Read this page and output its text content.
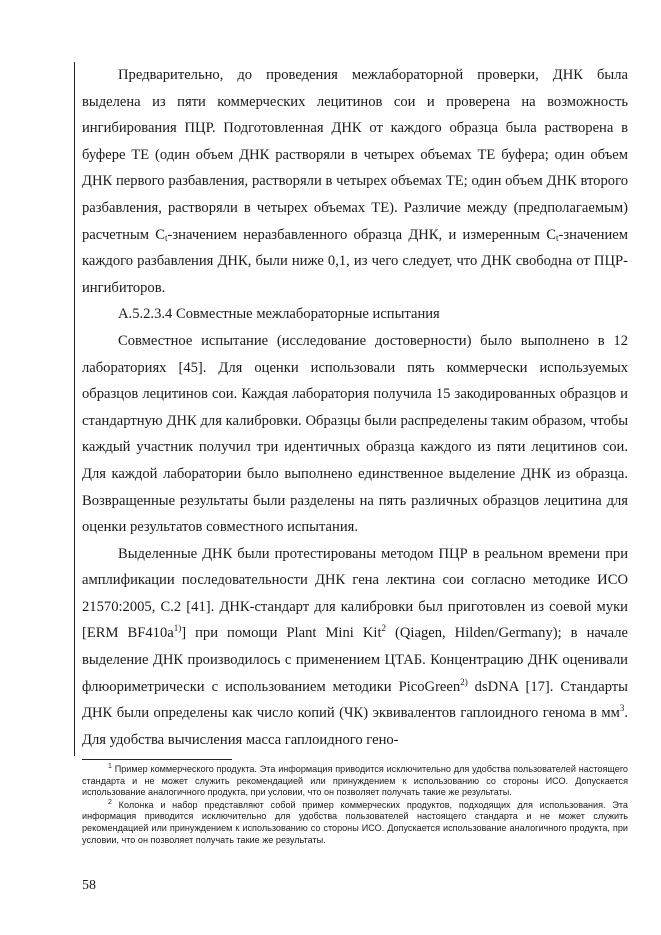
Предварительно, до проведения межлабораторной проверки, ДНК была выделена из пяти коммерческих лецитинов сои и проверена на возможность ингибирования ПЦР. Подготовленная ДНК от каждого образца была растворена в буфере ТЕ (один объем ДНК растворяли в четырех объемах ТЕ буфера; один объем ДНК первого разбавления, растворяли в четырех объемах ТЕ; один объем ДНК второго разбавления, растворяли в четырех объемах ТЕ). Различие между (предполагаемым) расчетным $C_t$-значением неразбавленного образца ДНК, и измеренным $C_t$-значением каждого разбавления ДНК, были ниже 0,1, из чего следует, что ДНК свободна от ПЦР-ингибиторов.

А.5.2.3.4 Совместные межлабораторные испытания

Совместное испытание (исследование достоверности) было выполнено в 12 лабораториях [45]. Для оценки использовали пять коммерчески используемых образцов лецитинов сои. Каждая лаборатория получила 15 закодированных образцов и стандартную ДНК для калибровки. Образцы были распределены таким образом, чтобы каждый участник получил три идентичных образца каждого из пяти лецитинов сои. Для каждой лаборатории было выполнено единственное выделение ДНК из образца. Возвращенные результаты были разделены на пять различных образцов лецитина для оценки результатов совместного испытания.

Выделенные ДНК были протестированы методом ПЦР в реальном времени при амплификации последовательности ДНК гена лектина сои согласно методике ИСО 21570:2005, С.2 [41]. ДНК-стандарт для калибровки был приготовлен из соевой муки [ERM $BF410a^{1)}$] при помощи Plant Mini Kit$^2$ (Qiagen, Hilden/Germany); в начале выделение ДНК производилось с применением ЦТАБ. Концентрацию ДНК оценивали флюориметрически с использованием методики PicoGreen$^{2)}$ dsDNA [17]. Стандарты ДНК были определены как число копий (ЧК) эквивалентов гаплоидного генома в $мм^3$. Для удобства вычисления масса гаплоидного гено-

$^1$ Пример коммерческого продукта. Эта информация приводится исключительно для удобства пользователей настоящего стандарта и не может служить рекомендацией или принуждением к использованию со стороны ИСО. Допускается использование аналогичного продукта, при условии, что он позволяет получать такие же результаты.

$^2$ Колонка и набор представляют собой пример коммерческих продуктов, подходящих для использования. Эта информация приводится исключительно для удобства пользователей настоящего стандарта и не может служить рекомендацией или принуждением к использованию со стороны ИСО. Допускается использование аналогичного продукта, при условии, что он позволяет получать такие же результаты.

58
